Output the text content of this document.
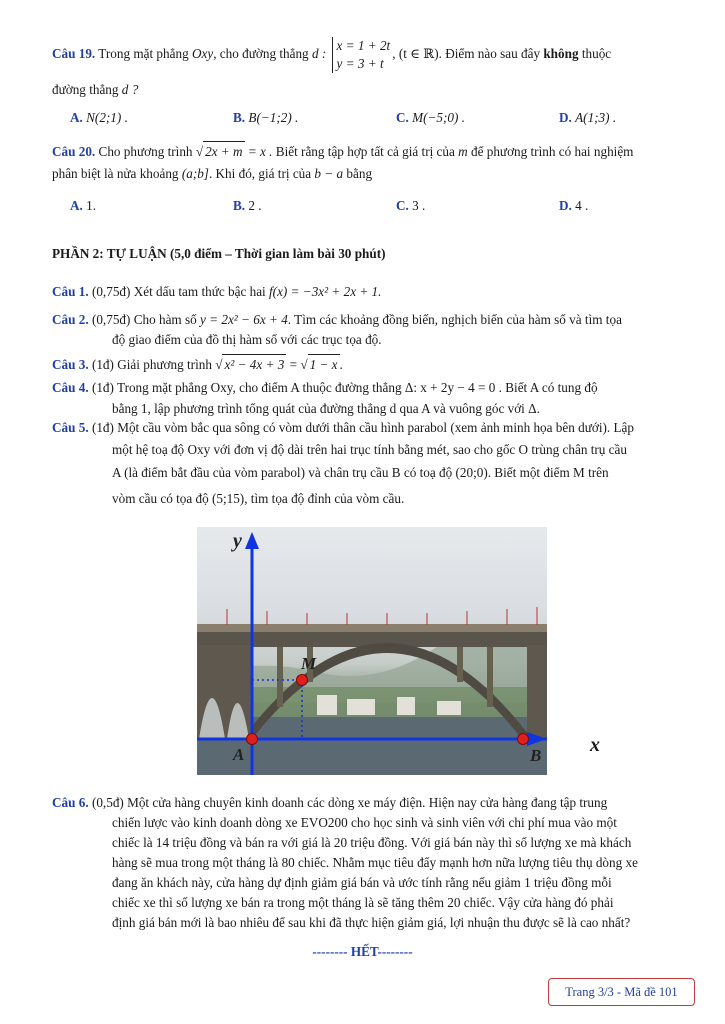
Câu 19. Trong mặt phẳng Oxy, cho đường thẳng d : x = 1 + 2t
y = 3 + t, (t ∈ ℝ). Điểm nào sau đây không thuộc
đường thẳng d ?
A. N(2;1) .	B. B(−1;2) .	C. M(−5;0) .	D. A(1;3) .
Câu 20. Cho phương trình √ 2x + m = x . Biết rằng tập hợp tất cả giá trị của m để phương trình có hai nghiệm
phân biệt là nửa khoảng (a;b]. Khi đó, giá trị của b − a bằng
A. 1.	B. 2 .	C. 3 .	D. 4 .
PHẦN 2: TỰ LUẬN (5,0 điểm – Thời gian làm bài 30 phút)
Câu 1. (0,75đ) Xét dấu tam thức bậc hai f(x) = −3x² + 2x + 1.
Câu 2. (0,75đ) Cho hàm số y = 2x² − 6x + 4. Tìm các khoảng đồng biến, nghịch biến của hàm số và tìm tọa
độ giao điểm của đồ thị hàm số với các trục tọa độ.
Câu 3. (1đ) Giải phương trình √ x² − 4x + 3 = √ 1 − x .
Câu 4. (1đ) Trong mặt phẳng Oxy, cho điểm A thuộc đường thẳng Δ: x + 2y − 4 = 0 . Biết A có tung độ
bằng 1, lập phương trình tổng quát của đường thẳng d qua A và vuông góc với Δ.
Câu 5. (1đ) Một cầu vòm bắc qua sông có vòm dưới thân cầu hình parabol (xem ảnh minh họa bên dưới). Lập
một hệ toạ độ Oxy với đơn vị độ dài trên hai trục tính bằng mét, sao cho gốc O trùng chân trụ cầu
A (là điểm bắt đầu của vòm parabol) và chân trụ cầu B có toạ độ (20;0). Biết một điểm M trên
vòm cầu có tọa độ (5;15), tìm tọa độ đỉnh của vòm cầu.
y
M
A	B x
Câu 6. (0,5đ) Một cửa hàng chuyên kinh doanh các dòng xe máy điện. Hiện nay cửa hàng đang tập trung
chiến lược vào kinh doanh dòng xe EVO200 cho học sinh và sinh viên với chi phí mua vào một
chiếc là 14 triệu đồng và bán ra với giá là 20 triệu đồng. Với giá bán này thì số lượng xe mà khách
hàng sẽ mua trong một tháng là 80 chiếc. Nhằm mục tiêu đẩy mạnh hơn nữa lượng tiêu thụ dòng xe
đang ăn khách này, cửa hàng dự định giảm giá bán và ước tính rằng nếu giảm 1 triệu đồng mỗi
chiếc xe thì số lượng xe bán ra trong một tháng là sẽ tăng thêm 20 chiếc. Vậy cửa hàng đó phải
định giá bán mới là bao nhiêu để sau khi đã thực hiện giảm giá, lợi nhuận thu được sẽ là cao nhất?
-------- HẾT--------
Trang 3/3 - Mã đề 101
